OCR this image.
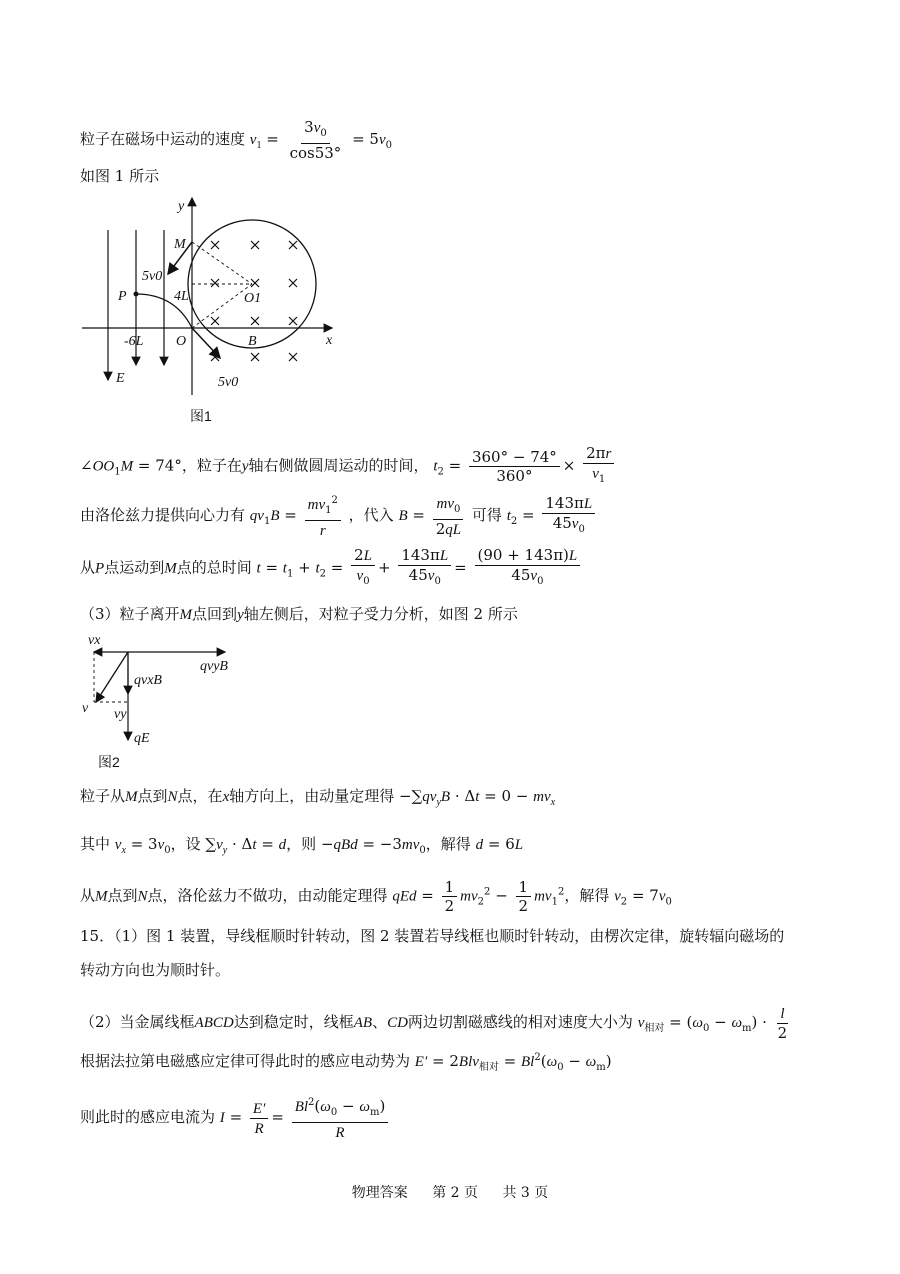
粒子在磁场中运动的速度 $v_1 = \frac{3v_0}{\cos 53^\circ} = 5v_0$
如图 1 所示
y
M
5v0
P	4L	O1
-6L O	B	x
E	5v0
图1
$\angle OO_1M = 74^\circ$，粒子在y轴右侧做圆周运动的时间， $t_2 = \frac{360^\circ - 74^\circ}{360^\circ} \times \frac{2\pi r}{v_1}$
由洛伦兹力提供向心力有 $qv_1B = \frac{mv_1^2}{r}$ ，代入 $B = \frac{mv_0}{2qL}$ 可得 $t_2 = \frac{143\pi L}{45v_0}$
从P点运动到M点的总时间 $t = t_1 + t_2 = \frac{2L}{v_0} + \frac{143\pi L}{45v_0} = \frac{(90 + 143\pi)L}{45v_0}$
（3）粒子离开M点回到y轴左侧后，对粒子受力分析，如图 2 所示
vx
qvyB
qvxB
v vy
qE
图2
粒子从M点到N点，在x轴方向上，由动量定理得 $-\sum qv_yB \cdot \Delta t = 0 - mv_x$
其中 $v_x = 3v_0$，设 $\sum v_y \cdot \Delta t = d$，则 $-qBd = -3mv_0$，解得 d = 6L
从M点到N点，洛伦兹力不做功，由动能定理得 qEd = $\frac{1}{2} mv_2^2 - \frac{1}{2} mv_1^2$，解得 $v_2 = 7v_0$
15．（1）图 1 装置，导线框顺时针转动，图 2 装置若导线框也顺时针转动，由楞次定律，旋转辐向磁场的
转动方向也为顺时针。
（2）当金属线框ABCD达到稳定时，线框AB、CD两边切割磁感线的相对速度大小为 $v_{相对} = (\omega_0 - \omega_m) \cdot \frac{l}{2}$
根据法拉第电磁感应定律可得此时的感应电动势为 $E' = 2Blv_{相对} = Bl^2(\omega_0 - \omega_m)$
则此时的感应电流为 $I = \frac{E'}{R} = \frac{Bl^2(\omega_0 - \omega_m)}{R}$
物理答案 第 2 页 共 3 页
